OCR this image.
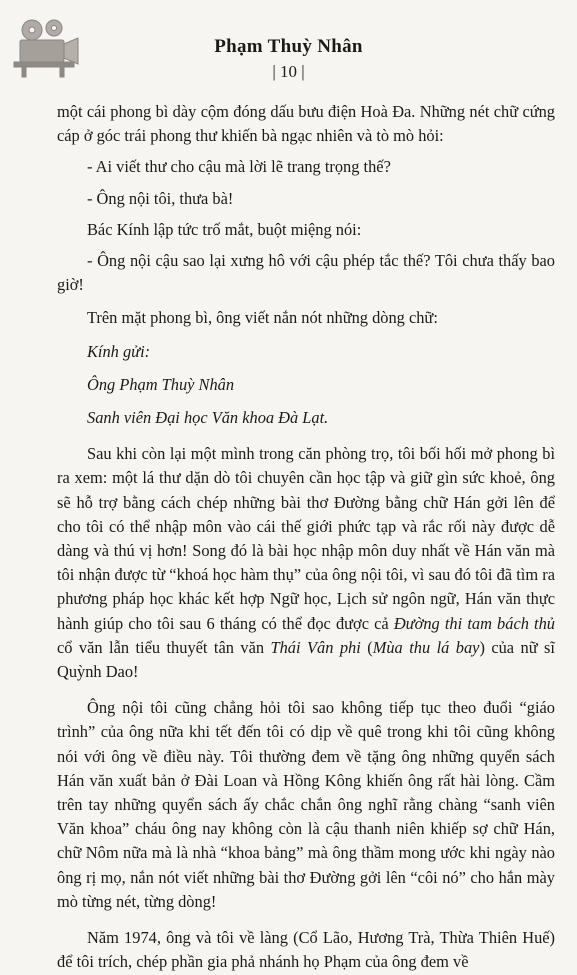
Phạm Thuỳ Nhân
| 10 |

một cái phong bì dày cộm đóng dấu bưu điện Hoà Đa. Những nét chữ cứng cáp ở góc trái phong thư khiến bà ngạc nhiên và tò mò hỏi:

- Ai viết thư cho cậu mà lời lẽ trang trọng thế?

- Ông nội tôi, thưa bà!

Bác Kính lập tức trố mắt, buột miệng nói:

- Ông nội cậu sao lại xưng hô với cậu phép tắc thế? Tôi chưa thấy bao giờ!

Trên mặt phong bì, ông viết nắn nót những dòng chữ:

Kính gửi:

Ông Phạm Thuỳ Nhân

Sanh viên Đại học Văn khoa Đà Lạt.

Sau khi còn lại một mình trong căn phòng trọ, tôi bối hối mở phong bì ra xem: một lá thư dặn dò tôi chuyên cần học tập và giữ gìn sức khoẻ, ông sẽ hỗ trợ bằng cách chép những bài thơ Đường bằng chữ Hán gởi lên để cho tôi có thể nhập môn vào cái thế giới phức tạp và rắc rối này được dễ dàng và thú vị hơn! Song đó là bài học nhập môn duy nhất về Hán văn mà tôi nhận được từ “khoá học hàm thụ” của ông nội tôi, vì sau đó tôi đã tìm ra phương pháp học khác kết hợp Ngữ học, Lịch sử ngôn ngữ, Hán văn thực hành giúp cho tôi sau 6 tháng có thể đọc được cả Đường thi tam bách thủ cổ văn lẫn tiểu thuyết tân văn Thái Vân phi (Mùa thu lá bay) của nữ sĩ Quỳnh Dao!

Ông nội tôi cũng chẳng hỏi tôi sao không tiếp tục theo đuổi “giáo trình” của ông nữa khi tết đến tôi có dịp về quê trong khi tôi cũng không nói với ông về điều này. Tôi thường đem về tặng ông những quyển sách Hán văn xuất bản ở Đài Loan và Hồng Kông khiến ông rất hài lòng. Cầm trên tay những quyển sách ấy chắc chắn ông nghĩ rằng chàng “sanh viên Văn khoa” cháu ông nay không còn là cậu thanh niên khiếp sợ chữ Hán, chữ Nôm nữa mà là nhà “khoa bảng” mà ông thầm mong ước khi ngày nào ông rị mọ, nắn nót viết những bài thơ Đường gởi lên “côi nó” cho hắn mày mò từng nét, từng dòng!

Năm 1974, ông và tôi về làng (Cổ Lão, Hương Trà, Thừa Thiên Huế) để tôi trích, chép phần gia phả nhánh họ Phạm của ông đem về
